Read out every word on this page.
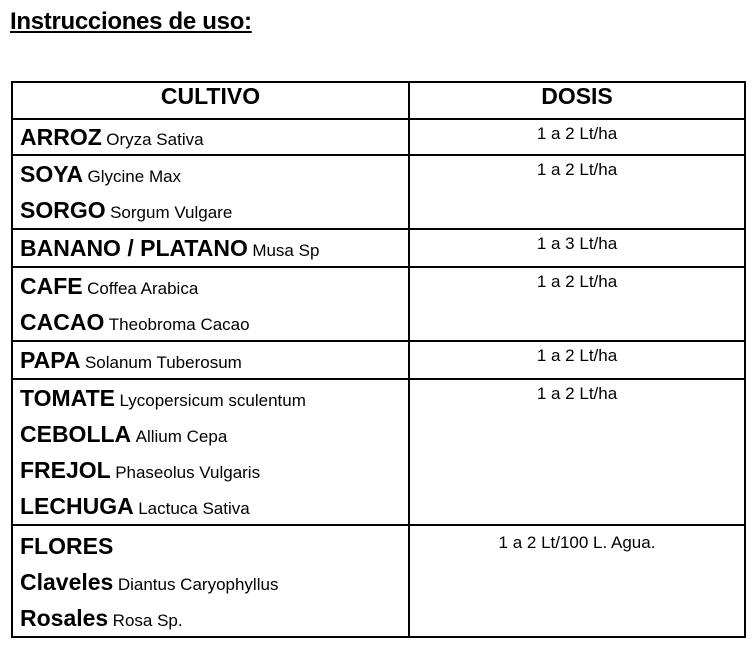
Instrucciones de uso:
CULTIVO	DOSIS

ARROZ Oryza Sativa	1 a 2 Lt/ha

SOYA Glycine Max
SORGO Sorgum Vulgare	1 a 2 Lt/ha

BANANO / PLATANO Musa Sp	1 a 3 Lt/ha

CAFE Coffea Arabica
CACAO Theobroma Cacao	1 a 2 Lt/ha

PAPA Solanum Tuberosum	1 a 2 Lt/ha

TOMATE Lycopersicum sculentum
CEBOLLA Allium Cepa
FREJOL Phaseolus Vulgaris
LECHUGA Lactuca Sativa	1 a 2 Lt/ha

FLORES
Claveles Diantus Caryophyllus
Rosales Rosa Sp.	1 a 2 Lt/100 L. Agua.
